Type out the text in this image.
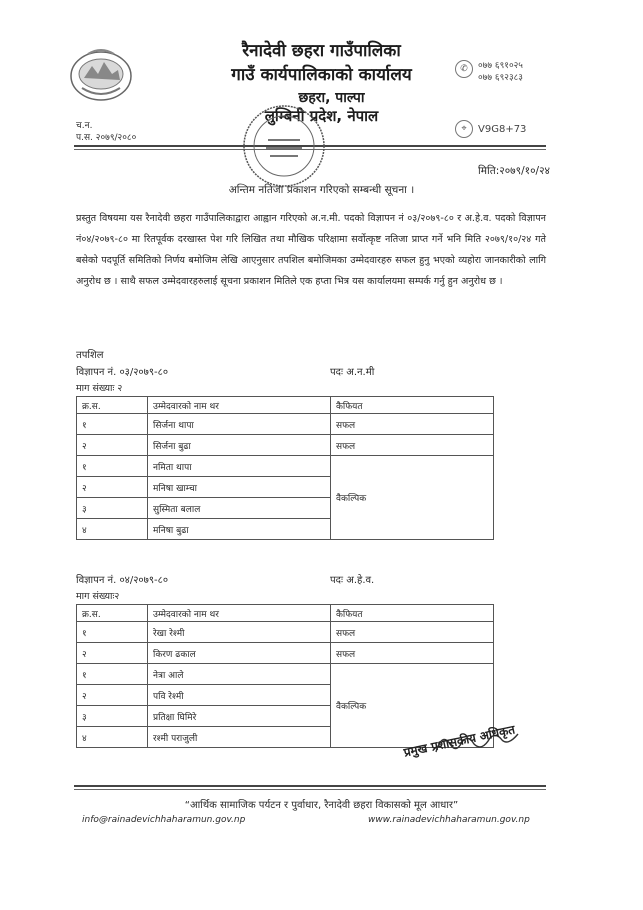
रैनादेवी छहरा गाउँपालिका
गाउँ कार्यपालिकाको कार्यालय
छहरा, पाल्पा
लुम्बिनी प्रदेश, नेपाल
✆	०७७ ६९१०२५
०७७ ६९२३८३
⌖	V9G8+73
च.न.
प.स. २०७९/२०८०
मिति:२०७९/१०/२४
अन्तिम नतिजा प्रकाशन गरिएको सम्बन्धी सूचना ।
प्रस्तुत विषयमा यस रैनादेवी छहरा गाउँपालिकाद्वारा आह्वान गरिएको अ.न.मी. पदको विज्ञापन नं ०३/२०७९-८० र अ.हे.व. पदको विज्ञापन नं०४/२०७९-८० मा रितपूर्वक दरखास्त पेश गरि लिखित तथा मौखिक परिक्षामा सर्वोत्कृष्ट नतिजा प्राप्त गर्ने भनि मिति २०७९/१०/२४ गते बसेको पदपूर्ति समितिको निर्णय बमोजिम लेखि आएनुसार तपशिल बमोजिमका उम्मेदवारहरु सफल हुनु भएको व्यहोरा जानकारीको लागि अनुरोध छ । साथै सफल उम्मेदवारहरुलाई सूचना प्रकाशन मितिले एक हप्ता भित्र यस कार्यालयमा सम्पर्क गर्नु हुन अनुरोध छ ।
तपशिल
विज्ञापन नं. ०३/२०७९-८०	पदः अ.न.मी
माग संख्याः २
क्र.स.	उम्मेदवारको नाम थर	कैफियत
१	सिर्जना थापा	सफल
२	सिर्जना बुढा	सफल
१	नमिता थापा	वैकल्पिक
२	मनिषा खाम्चा	
३	सुस्मिता बलाल	
४	मनिषा बुढा	
विज्ञापन नं. ०४/२०७९-८०	पदः अ.हे.व.
माग संख्याः२
क्र.स.	उम्मेदवारको नाम थर	कैफियत
१	रेखा रेश्मी	सफल
२	किरण ढकाल	सफल
१	नेत्रा आले	वैकल्पिक
२	पवि रेश्मी	
३	प्रतिक्षा घिमिरे	
४	रश्मी पराजुली		प्रमुख प्रशासकीय अधिकृत
“आर्थिक सामाजिक पर्यटन र पुर्वाधार, रैनादेवी छहरा विकासको मूल आधार”
info@rainadevichhaharamun.gov.np	www.rainadevichhaharamun.gov.np
